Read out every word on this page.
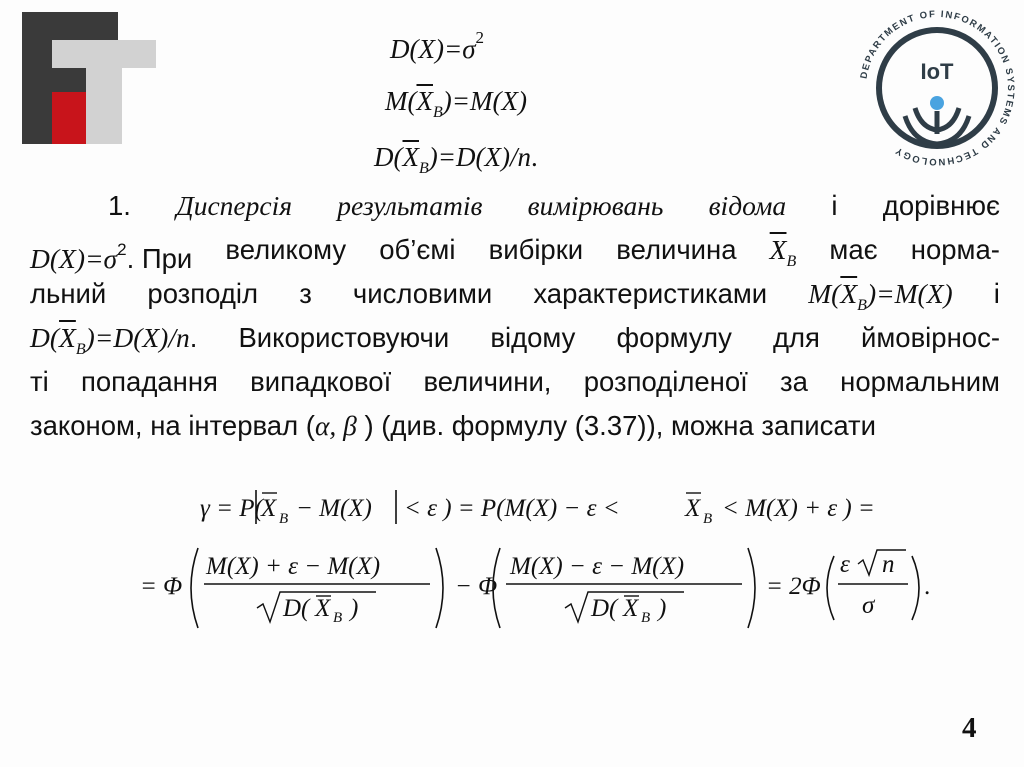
DEPARTMENT OF INFORMATION SYSTEMS AND TECHNOLOGY
IoT
$D(X)=\sigma^2$
$M(\overline{X}_B)=M(X)$
$D(\overline{X}_B)=D(X)/n$.
1. Дисперсія результатів вимірювань відома і дорівнює
$D(X)=\sigma^2$. При великому об’ємі вибірки величина $\overline{X}_B$ має норма-
льний розподіл з числовими характеристиками $M(\overline{X}_B)=M(X)$ і
$D(\overline{X}_B)=D(X)/n$. Використовуючи відому формулу для ймовірнос-
ті попадання випадкової величини, розподіленої за нормальним
законом, на інтервал ( α, β
) (див. формулу (3.37)), можна записати
γ = P(
X B − M(X) < ε ) = P(M(X) − ε <	X B < M(X) + ε ) =
= Φ
M(X) + ε − M(X)
D( X B )
− Φ
M(X) − ε − M(X)
D( X B )
= 2Φ
ε n
σ
.
4
